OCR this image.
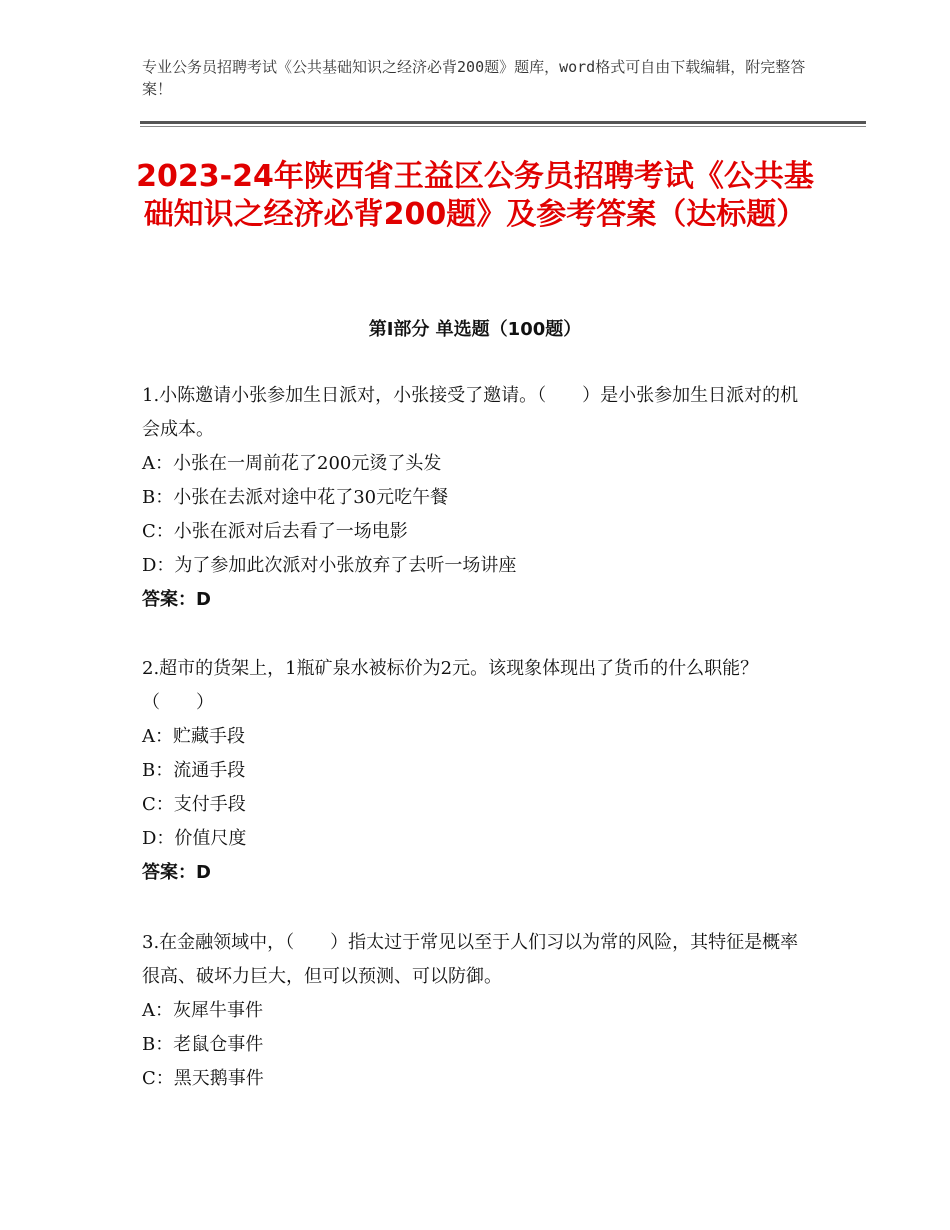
专业公务员招聘考试《公共基础知识之经济必背200题》题库，word格式可自由下载编辑，附完整答案！
2023-24年陕西省王益区公务员招聘考试《公共基础知识之经济必背200题》及参考答案（达标题）
第Ⅰ部分 单选题（100题）

1.小陈邀请小张参加生日派对，小张接受了邀请。（　　）是小张参加生日派对的机会成本。

A：小张在一周前花了200元烫了头发

B：小张在去派对途中花了30元吃午餐

C：小张在派对后去看了一场电影

D：为了参加此次派对小张放弃了去听一场讲座

答案：D

2.超市的货架上，1瓶矿泉水被标价为2元。该现象体现出了货币的什么职能？（　　）

A：贮藏手段

B：流通手段

C：支付手段

D：价值尺度

答案：D

3.在金融领域中，（　　）指太过于常见以至于人们习以为常的风险，其特征是概率很高、破坏力巨大，但可以预测、可以防御。

A：灰犀牛事件

B：老鼠仓事件

C：黑天鹅事件
